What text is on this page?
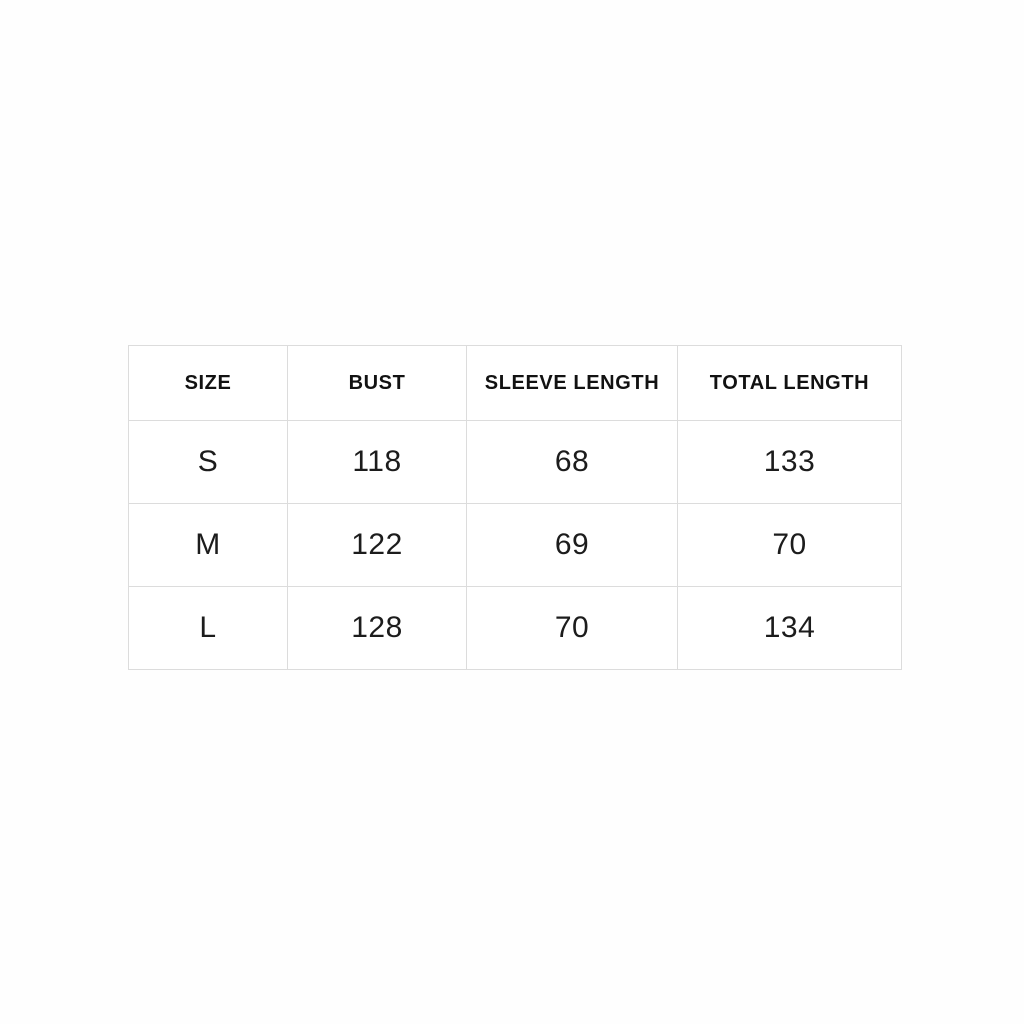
SIZE	BUST	SLEEVE LENGTH	TOTAL LENGTH
S	118	68	133
M	122	69	70
L	128	70	134
